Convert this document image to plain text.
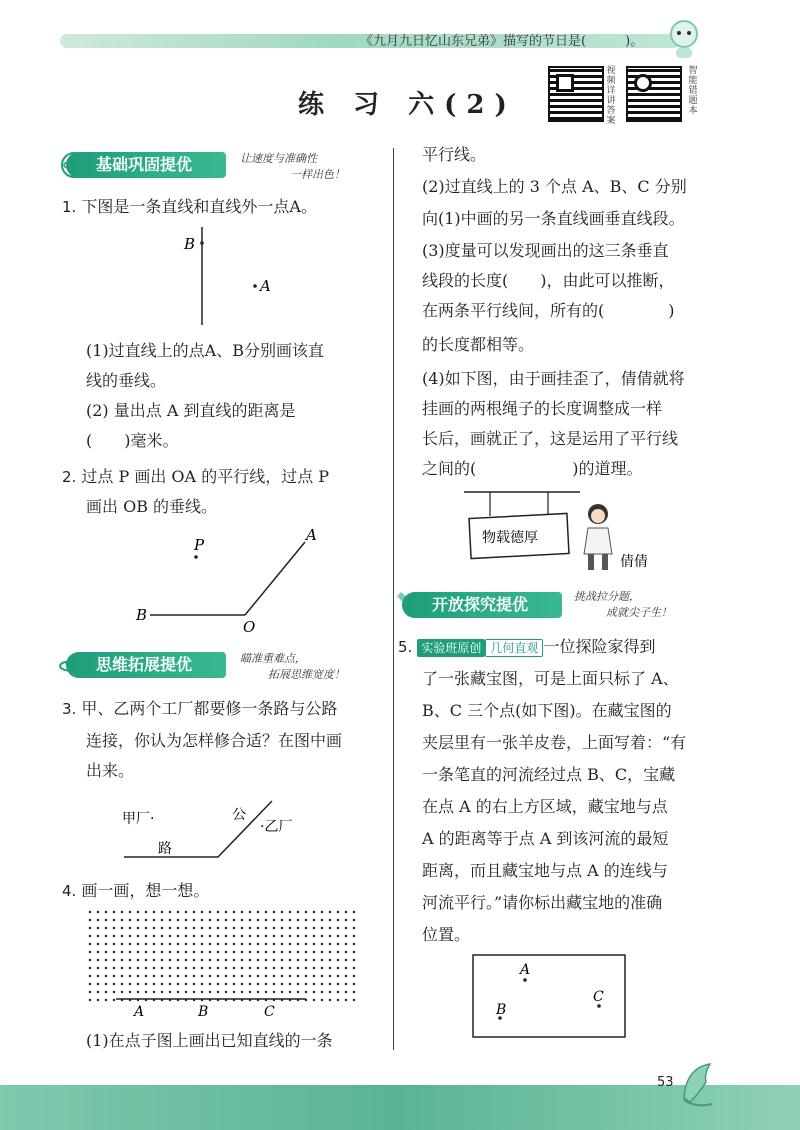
《九月九日忆山东兄弟》描写的节日是(　　　)。
练 习 六(2)
视频详讲答案
智能错题本
基础巩固提优	让速度与准确性
一样出色！
1. 下图是一条直线和直线外一点A。
B
A
(1)过直线上的点A、B分别画该直
线的垂线。
(2) 量出点 A 到直线的距离是
(　　)毫米。
2. 过点 P 画出 OA 的平行线，过点 P
画出 OB 的垂线。
P
A
B
O
思维拓展提优	瞄准重难点，
拓展思维宽度！
3. 甲、乙两个工厂都要修一条路与公路
连接，你认为怎样修合适？在图中画
出来。
甲厂·	·乙厂
公
路
4. 画一画，想一想。
A	B	C
(1)在点子图上画出已知直线的一条
平行线。
(2)过直线上的 3 个点 A、B、C 分别
向(1)中画的另一条直线画垂直线段。
(3)度量可以发现画出的这三条垂直
线段的长度(　　)，由此可以推断，
在两条平行线间，所有的(　　　　)
的长度都相等。
(4)如下图，由于画挂歪了，倩倩就将
挂画的两根绳子的长度调整成一样
长后，画就正了，这是运用了平行线
之间的(　　　　　　)的道理。
物载德厚
倩倩
开放探究提优	挑战拉分题，
成就尖子生！
5. 实验班原创 几何直观 一位探险家得到
了一张藏宝图，可是上面只标了 A、
B、C 三个点(如下图)。在藏宝图的
夹层里有一张羊皮卷，上面写着：“有
一条笔直的河流经过点 B、C，宝藏
在点 A 的右上方区域，藏宝地与点
A 的距离等于点 A 到该河流的最短
距离，而且藏宝地与点 A 的连线与
河流平行。”请你标出藏宝地的准确
位置。
A
B
C
53
